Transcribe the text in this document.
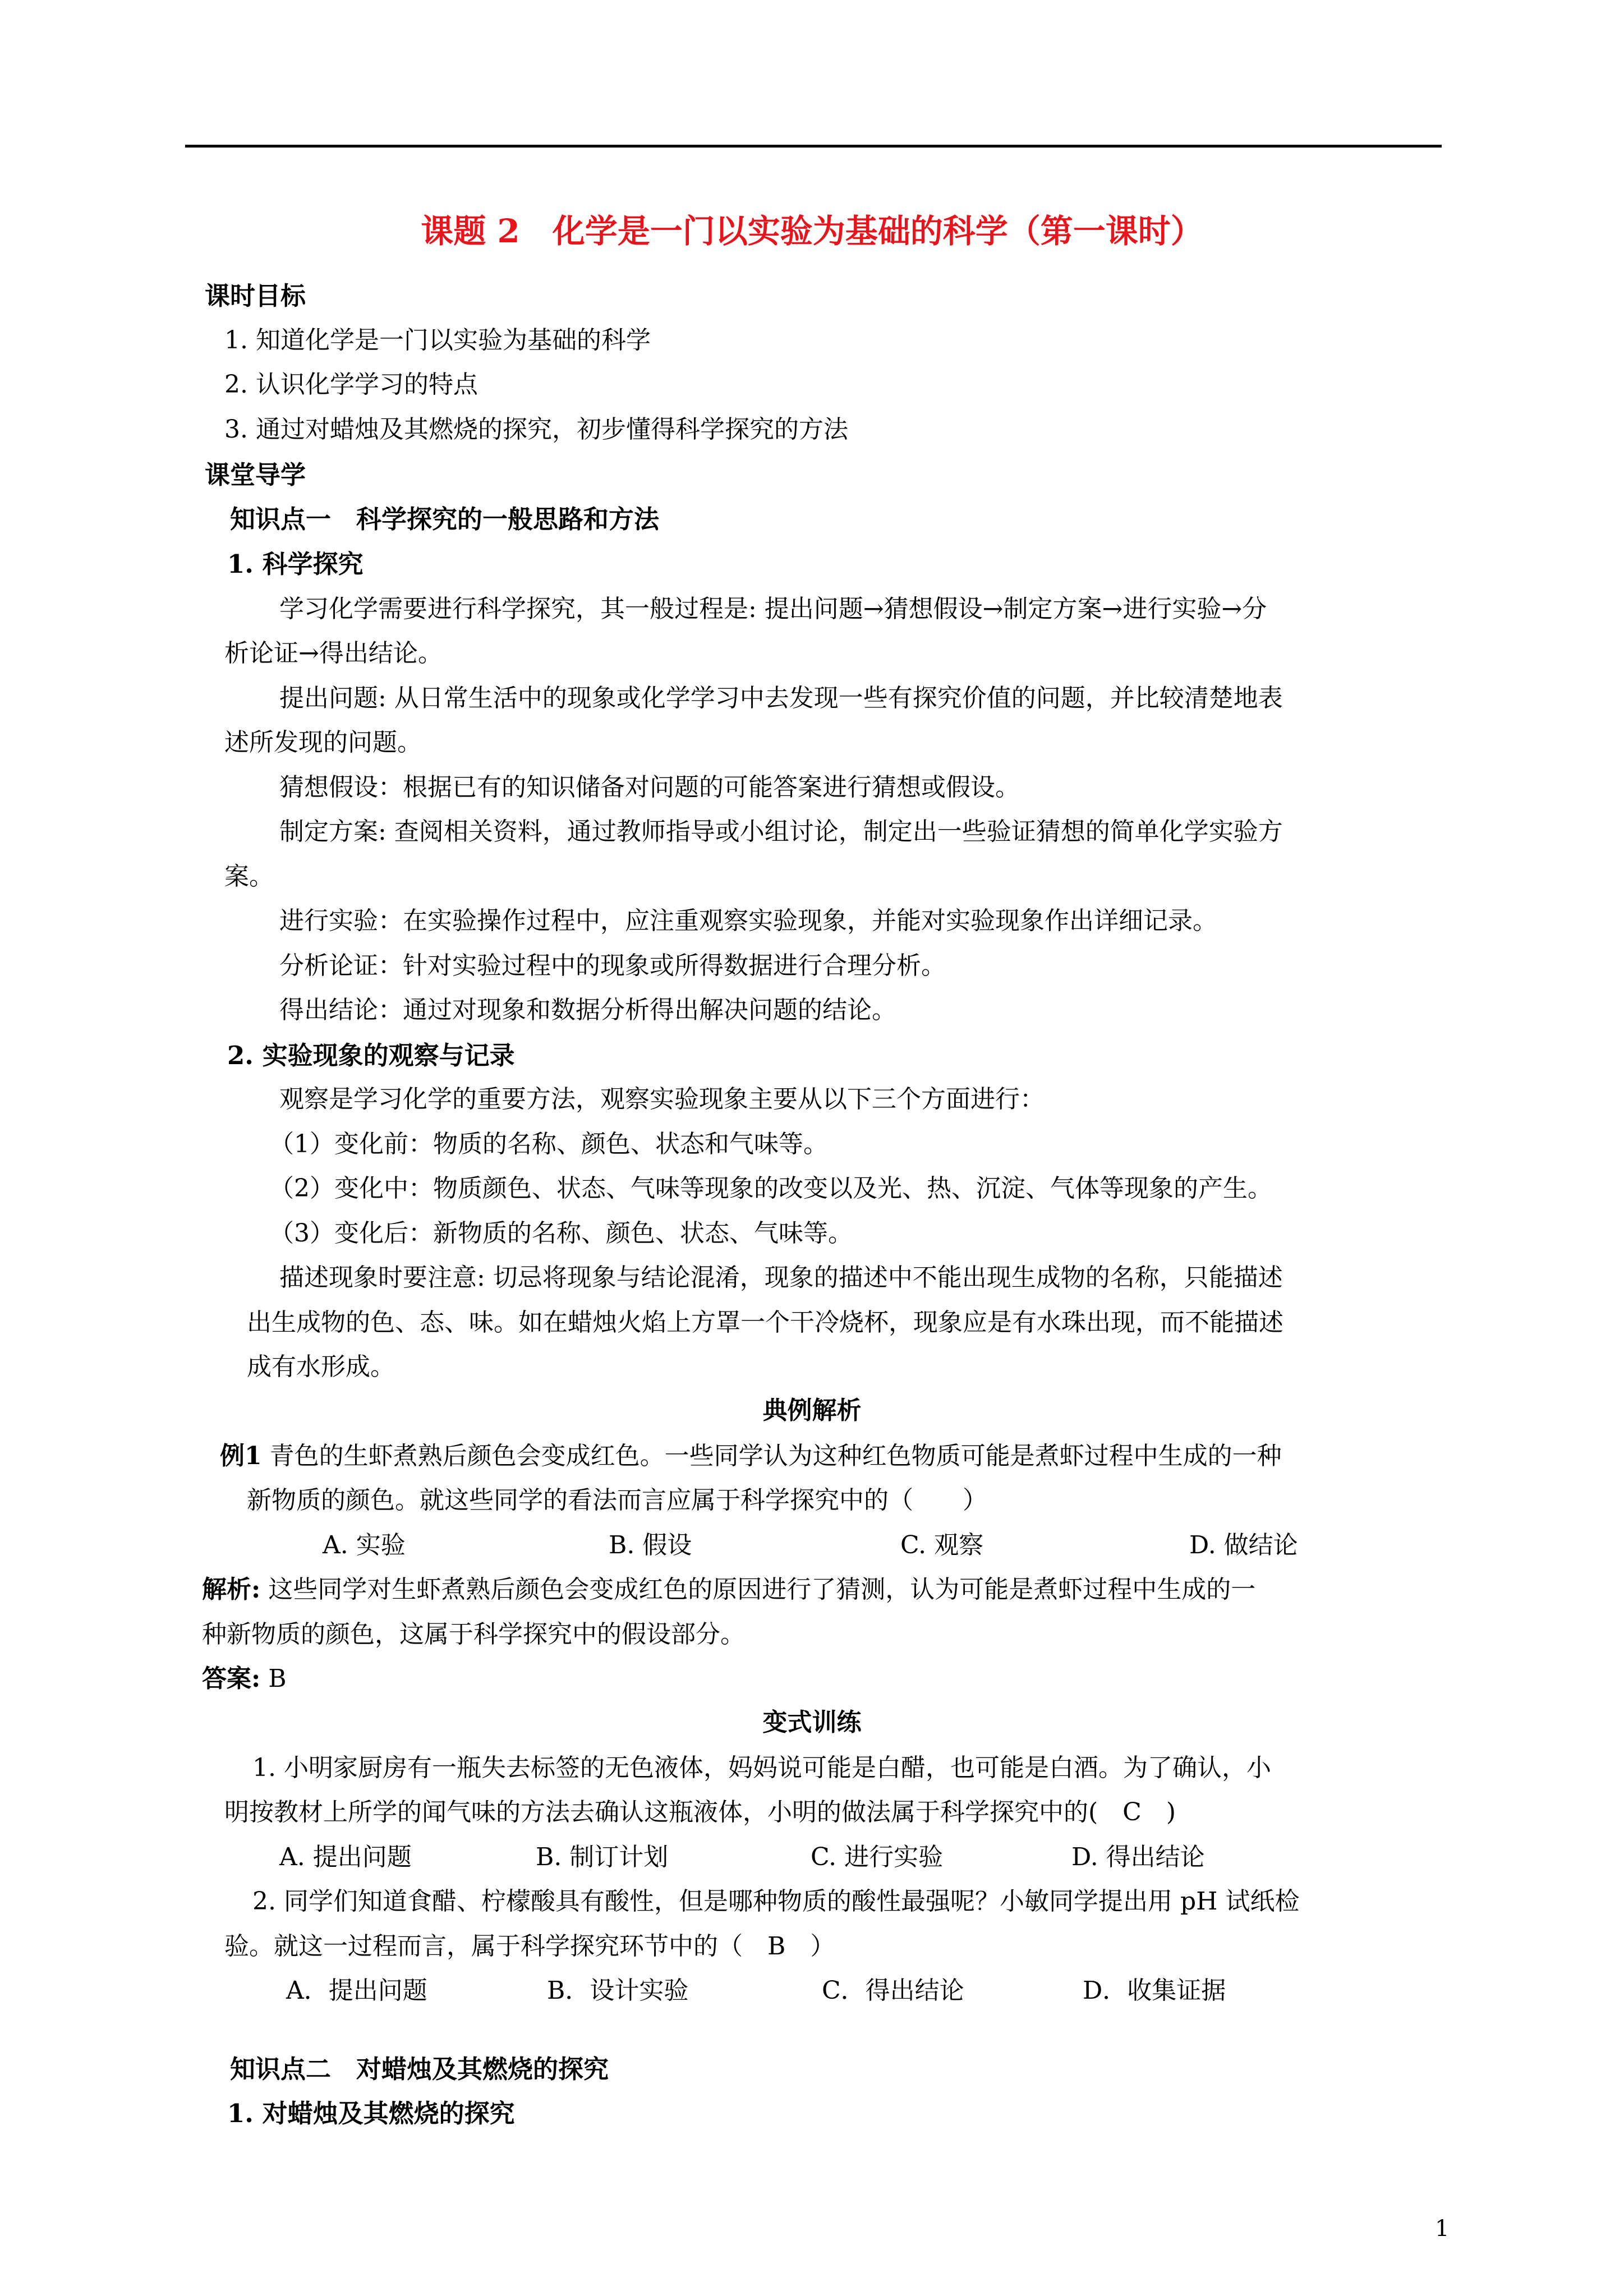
课题 2　化学是一门以实验为基础的科学（第一课时）
课时目标
1. 知道化学是一门以实验为基础的科学
2. 认识化学学习的特点
3. 通过对蜡烛及其燃烧的探究，初步懂得科学探究的方法
课堂导学
知识点一　科学探究的一般思路和方法
1. 科学探究
学习化学需要进行科学探究，其一般过程是: 提出问题→猜想假设→制定方案→进行实验→分
析论证→得出结论。
提出问题: 从日常生活中的现象或化学学习中去发现一些有探究价值的问题，并比较清楚地表
述所发现的问题。
猜想假设：根据已有的知识储备对问题的可能答案进行猜想或假设。
制定方案: 查阅相关资料，通过教师指导或小组讨论，制定出一些验证猜想的简单化学实验方
案。
进行实验：在实验操作过程中，应注重观察实验现象，并能对实验现象作出详细记录。
分析论证：针对实验过程中的现象或所得数据进行合理分析。
得出结论：通过对现象和数据分析得出解决问题的结论。
2. 实验现象的观察与记录
观察是学习化学的重要方法，观察实验现象主要从以下三个方面进行：
（1）变化前：物质的名称、颜色、状态和气味等。
（2）变化中：物质颜色、状态、气味等现象的改变以及光、热、沉淀、气体等现象的产生。
（3）变化后：新物质的名称、颜色、状态、气味等。
描述现象时要注意: 切忌将现象与结论混淆，现象的描述中不能出现生成物的名称，只能描述
出生成物的色、态、味。如在蜡烛火焰上方罩一个干冷烧杯，现象应是有水珠出现，而不能描述
成有水形成。
典例解析
例1 青色的生虾煮熟后颜色会变成红色。一些同学认为这种红色物质可能是煮虾过程中生成的一种
新物质的颜色。就这些同学的看法而言应属于科学探究中的（　　）
A. 实验	B. 假设	C. 观察	D. 做结论
解析: 这些同学对生虾煮熟后颜色会变成红色的原因进行了猜测，认为可能是煮虾过程中生成的一
种新物质的颜色，这属于科学探究中的假设部分。
答案: B
变式训练
1. 小明家厨房有一瓶失去标签的无色液体，妈妈说可能是白醋，也可能是白酒。为了确认，小
明按教材上所学的闻气味的方法去确认这瓶液体，小明的做法属于科学探究中的(　C　)
A. 提出问题	B. 制订计划	C. 进行实验	D. 得出结论
2. 同学们知道食醋、柠檬酸具有酸性，但是哪种物质的酸性最强呢？小敏同学提出用 pH 试纸检
验。就这一过程而言，属于科学探究环节中的（　B　）
A．提出问题	B．设计实验	C．得出结论	D．收集证据
知识点二　对蜡烛及其燃烧的探究
1. 对蜡烛及其燃烧的探究
1
